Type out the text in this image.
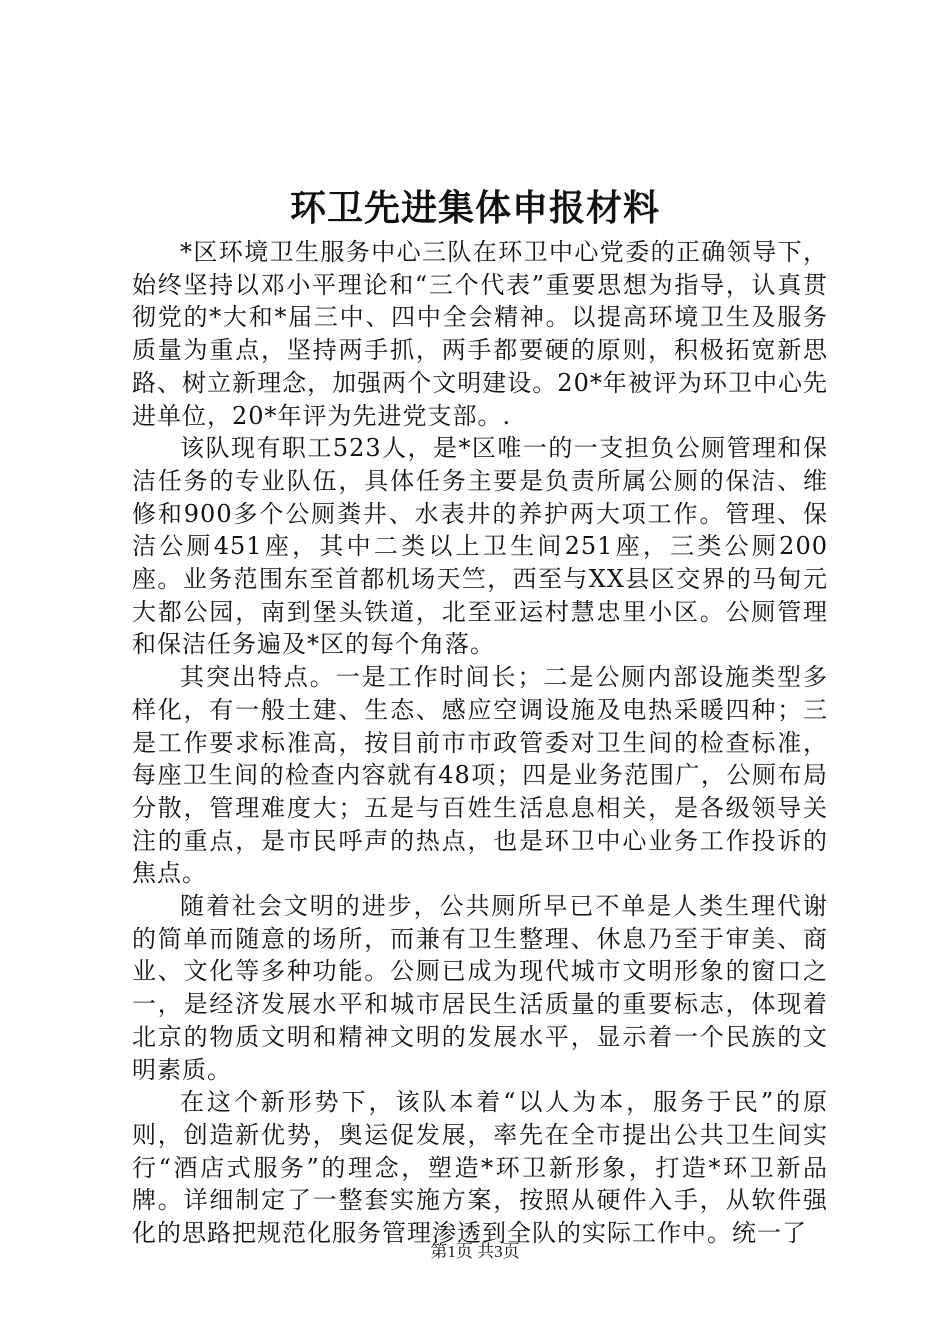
环卫先进集体申报材料

*区环境卫生服务中心三队在环卫中心党委的正确领导下，始终坚持以邓小平理论和“三个代表”重要思想为指导，认真贯彻党的*大和*届三中、四中全会精神。以提高环境卫生及服务质量为重点，坚持两手抓，两手都要硬的原则，积极拓宽新思路、树立新理念，加强两个文明建设。20*年被评为环卫中心先进单位，20*年评为先进党支部。.

该队现有职工523人，是*区唯一的一支担负公厕管理和保洁任务的专业队伍，具体任务主要是负责所属公厕的保洁、维修和900多个公厕粪井、水表井的养护两大项工作。管理、保洁公厕451座，其中二类以上卫生间251座，三类公厕200座。业务范围东至首都机场天竺，西至与XX县区交界的马甸元大都公园，南到堡头铁道，北至亚运村慧忠里小区。公厕管理和保洁任务遍及*区的每个角落。

其突出特点。一是工作时间长；二是公厕内部设施类型多样化，有一般土建、生态、感应空调设施及电热采暖四种；三是工作要求标准高，按目前市市政管委对卫生间的检查标准，每座卫生间的检查内容就有48项；四是业务范围广，公厕布局分散，管理难度大；五是与百姓生活息息相关，是各级领导关注的重点，是市民呼声的热点，也是环卫中心业务工作投诉的焦点。

随着社会文明的进步，公共厕所早已不单是人类生理代谢的简单而随意的场所，而兼有卫生整理、休息乃至于审美、商业、文化等多种功能。公厕已成为现代城市文明形象的窗口之一，是经济发展水平和城市居民生活质量的重要标志，体现着北京的物质文明和精神文明的发展水平，显示着一个民族的文明素质。

在这个新形势下，该队本着“以人为本，服务于民”的原则，创造新优势，奥运促发展，率先在全市提出公共卫生间实行“酒店式服务”的理念，塑造*环卫新形象，打造*环卫新品牌。详细制定了一整套实施方案，按照从硬件入手，从软件强化的思路把规范化服务管理渗透到全队的实际工作中。统一了

第1页 共3页
